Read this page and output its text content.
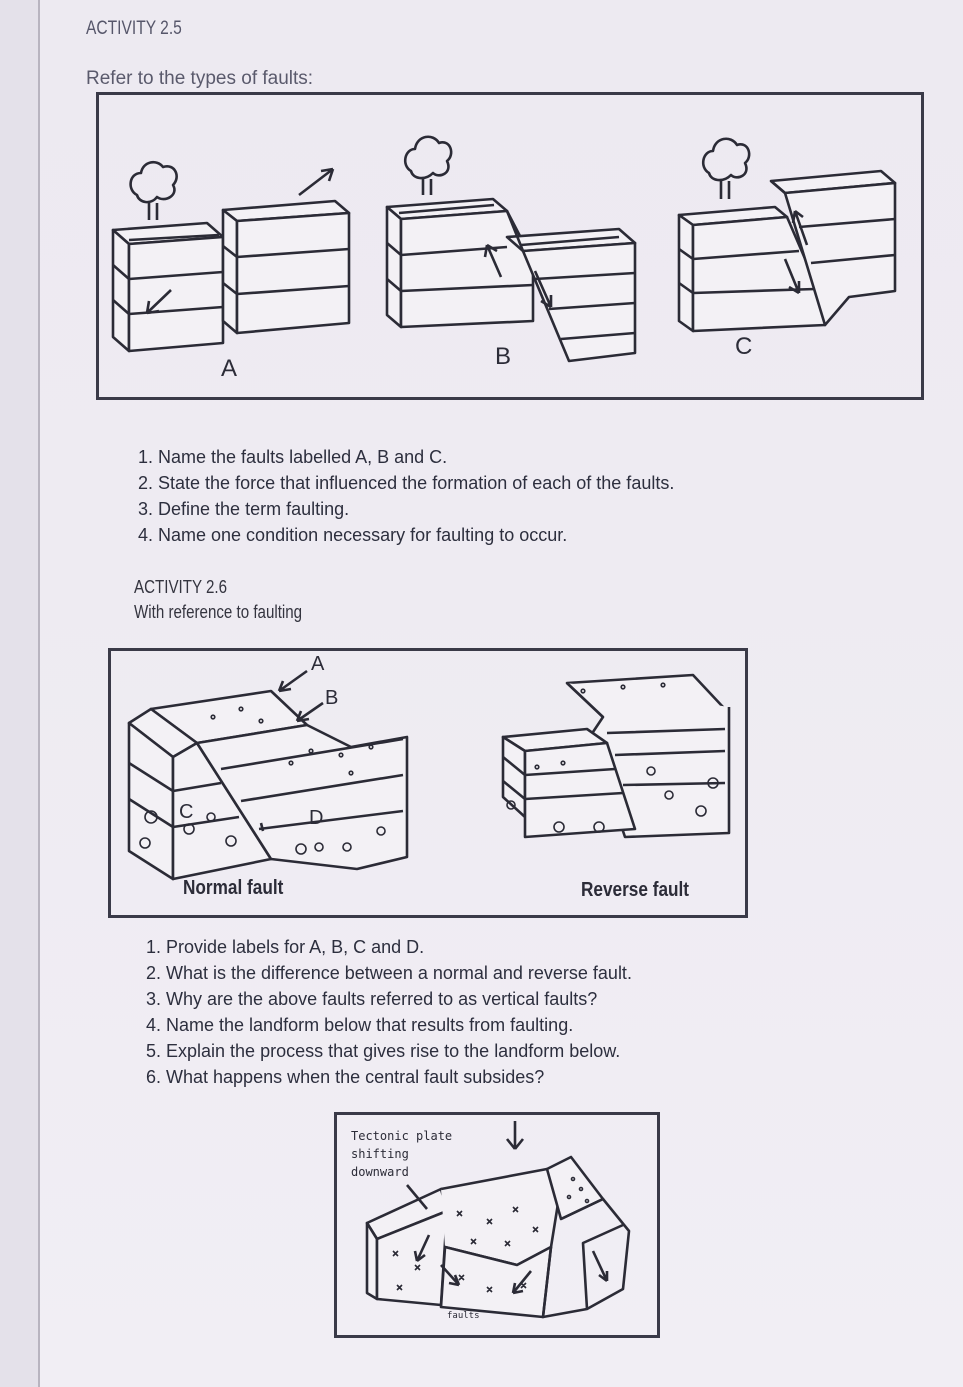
ACTIVITY 2.5
Refer to the types of faults:
A	B	C
1. Name the faults labelled A, B and C.
2. State the force that influenced the formation of each of the faults.
3. Define the term faulting.
4. Name one condition necessary for faulting to occur.
ACTIVITY 2.6
With reference to faulting
A
B
C	D
Normal fault	Reverse fault
1. Provide labels for A, B, C and D.
2. What is the difference between a normal and reverse fault.
3. Why are the above faults referred to as vertical faults?
4. Name the landform below that results from faulting.
5. Explain the process that gives rise to the landform below.
6. What happens when the central fault subsides?
Tectonic plate
shifting
downward
faults
